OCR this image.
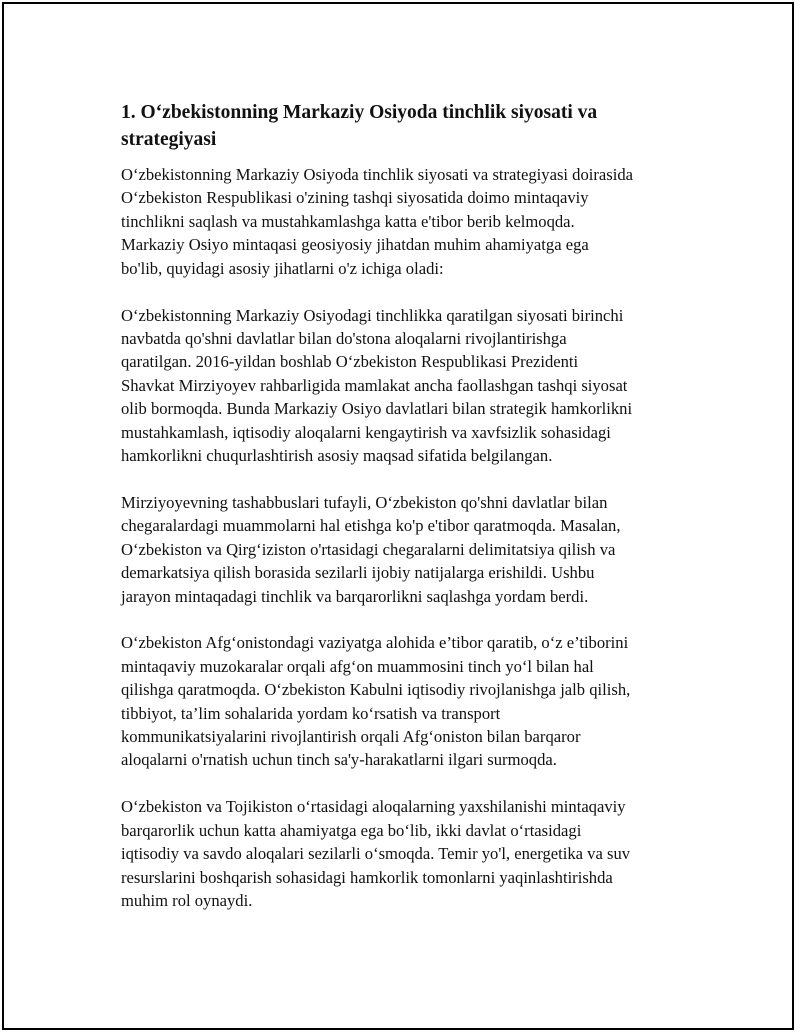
1. O‘zbekistonning Markaziy Osiyoda tinchlik siyosati va
strategiyasi

O‘zbekistonning Markaziy Osiyoda tinchlik siyosati va strategiyasi doirasida
O‘zbekiston Respublikasi o'zining tashqi siyosatida doimo mintaqaviy
tinchlikni saqlash va mustahkamlashga katta e'tibor berib kelmoqda.
Markaziy Osiyo mintaqasi geosiyosiy jihatdan muhim ahamiyatga ega
bo'lib, quyidagi asosiy jihatlarni o'z ichiga oladi:

O‘zbekistonning Markaziy Osiyodagi tinchlikka qaratilgan siyosati birinchi
navbatda qo'shni davlatlar bilan do'stona aloqalarni rivojlantirishga
qaratilgan. 2016-yildan boshlab O‘zbekiston Respublikasi Prezidenti
Shavkat Mirziyoyev rahbarligida mamlakat ancha faollashgan tashqi siyosat
olib bormoqda. Bunda Markaziy Osiyo davlatlari bilan strategik hamkorlikni
mustahkamlash, iqtisodiy aloqalarni kengaytirish va xavfsizlik sohasidagi
hamkorlikni chuqurlashtirish asosiy maqsad sifatida belgilangan.

Mirziyoyevning tashabbuslari tufayli, O‘zbekiston qo'shni davlatlar bilan
chegaralardagi muammolarni hal etishga ko'p e'tibor qaratmoqda. Masalan,
O‘zbekiston va Qirg‘iziston o'rtasidagi chegaralarni delimitatsiya qilish va
demarkatsiya qilish borasida sezilarli ijobiy natijalarga erishildi. Ushbu
jarayon mintaqadagi tinchlik va barqarorlikni saqlashga yordam berdi.

O‘zbekiston Afg‘onistondagi vaziyatga alohida e’tibor qaratib, o‘z e’tiborini
mintaqaviy muzokaralar orqali afg‘on muammosini tinch yo‘l bilan hal
qilishga qaratmoqda. O‘zbekiston Kabulni iqtisodiy rivojlanishga jalb qilish,
tibbiyot, ta’lim sohalarida yordam ko‘rsatish va transport
kommunikatsiyalarini rivojlantirish orqali Afg‘oniston bilan barqaror
aloqalarni o'rnatish uchun tinch sa'y-harakatlarni ilgari surmoqda.

O‘zbekiston va Tojikiston o‘rtasidagi aloqalarning yaxshilanishi mintaqaviy
barqarorlik uchun katta ahamiyatga ega bo‘lib, ikki davlat o‘rtasidagi
iqtisodiy va savdo aloqalari sezilarli o‘smoqda. Temir yo'l, energetika va suv
resurslarini boshqarish sohasidagi hamkorlik tomonlarni yaqinlashtirishda
muhim rol oynaydi.
